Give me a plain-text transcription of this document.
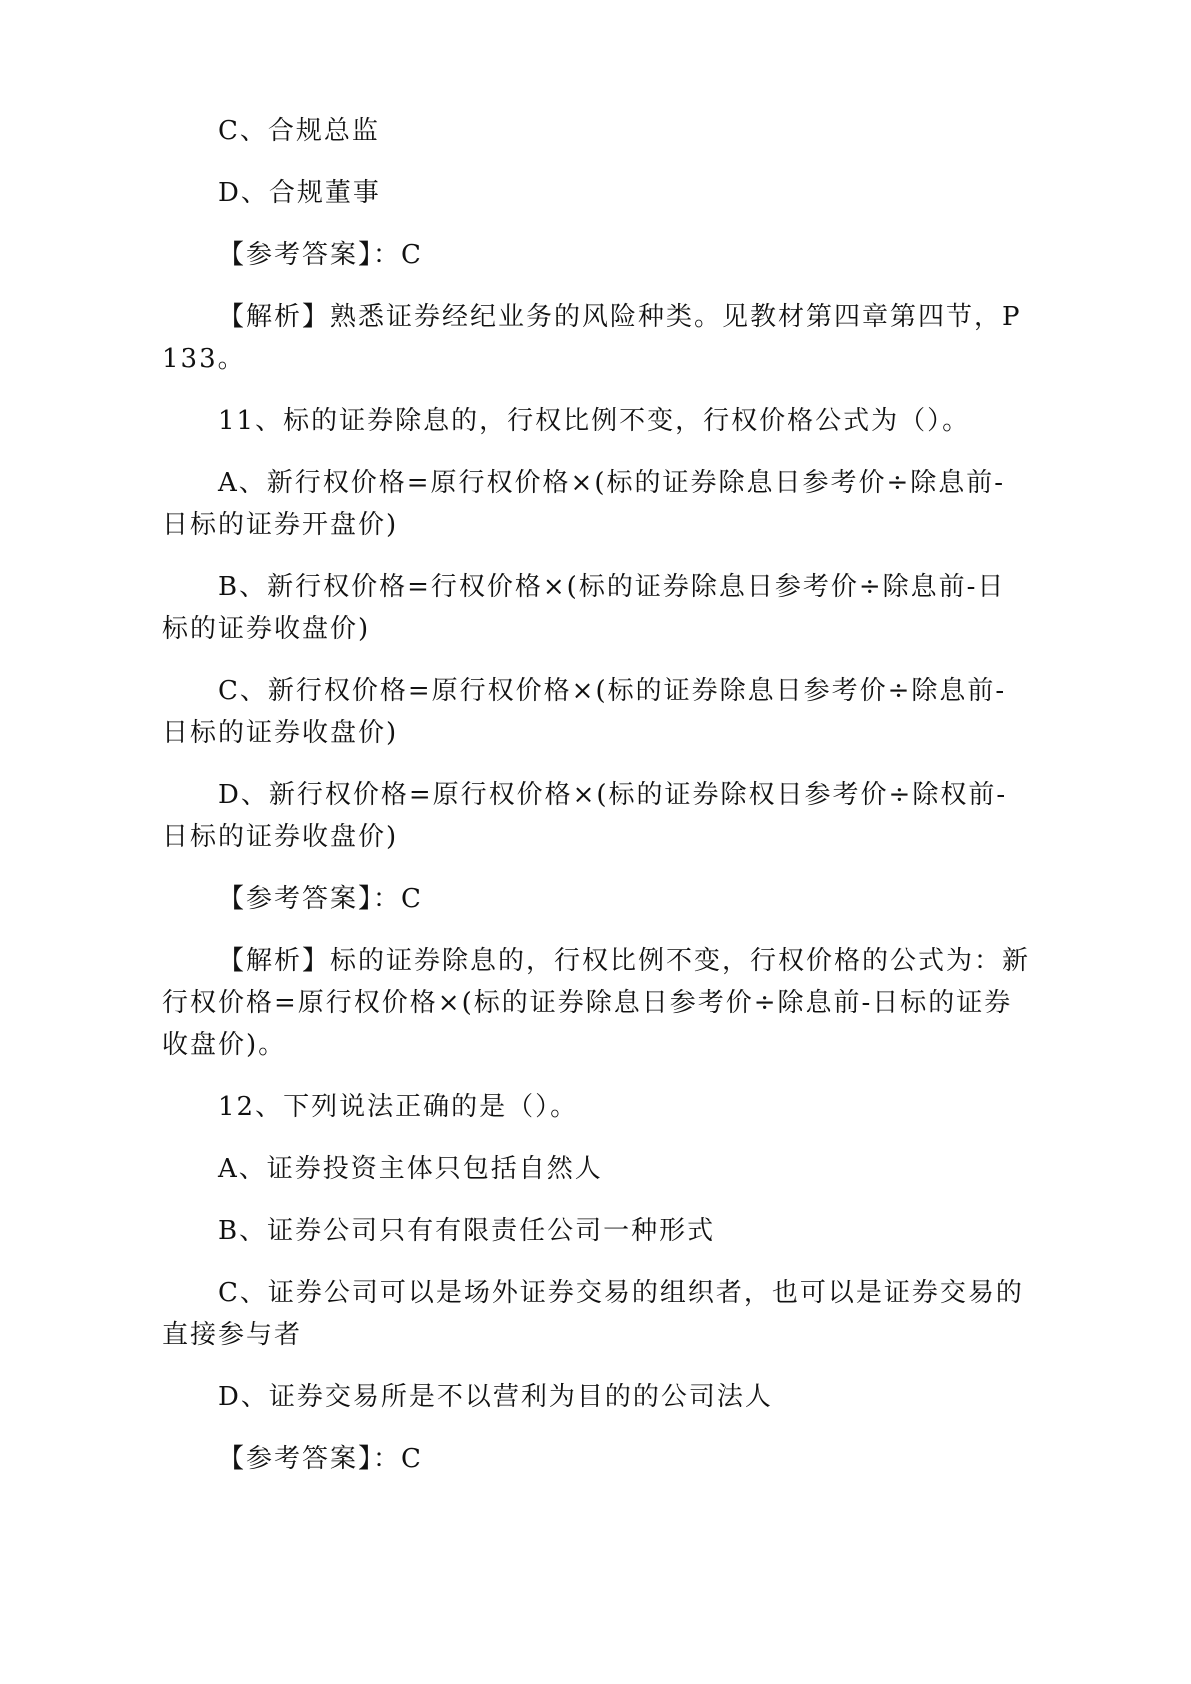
C、合规总监

D、合规董事

【参考答案】：C

【解析】熟悉证券经纪业务的风险种类。见教材第四章第四节，P133。

11、标的证券除息的，行权比例不变，行权价格公式为（）。

A、新行权价格=原行权价格×(标的证券除息日参考价÷除息前-日标的证券开盘价)

B、新行权价格=行权价格×(标的证券除息日参考价÷除息前-日标的证券收盘价)

C、新行权价格=原行权价格×(标的证券除息日参考价÷除息前-日标的证券收盘价)

D、新行权价格=原行权价格×(标的证券除权日参考价÷除权前-日标的证券收盘价)

【参考答案】：C

【解析】标的证券除息的，行权比例不变，行权价格的公式为：新行权价格=原行权价格×(标的证券除息日参考价÷除息前-日标的证券收盘价)。

12、下列说法正确的是（）。

A、证券投资主体只包括自然人

B、证券公司只有有限责任公司一种形式

C、证券公司可以是场外证券交易的组织者，也可以是证券交易的直接参与者

D、证券交易所是不以营利为目的的公司法人

【参考答案】：C
